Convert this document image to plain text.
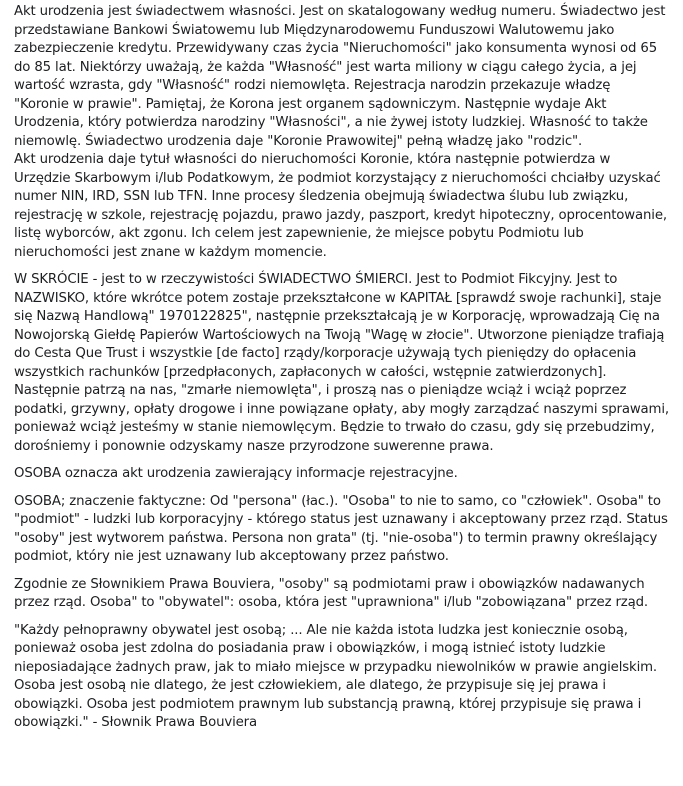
Akt urodzenia jest świadectwem własności. Jest on skatalogowany według numeru. Świadectwo jest przedstawiane Bankowi Światowemu lub Międzynarodowemu Funduszowi Walutowemu jako zabezpieczenie kredytu. Przewidywany czas życia "Nieruchomości" jako konsumenta wynosi od 65 do 85 lat. Niektórzy uważają, że każda "Własność" jest warta miliony w ciągu całego życia, a jej wartość wzrasta, gdy "Własność" rodzi niemowlęta. Rejestracja narodzin przekazuje władzę "Koronie w prawie". Pamiętaj, że Korona jest organem sądowniczym. Następnie wydaje Akt Urodzenia, który potwierdza narodziny "Własności", a nie żywej istoty ludzkiej. Własność to także niemowlę. Świadectwo urodzenia daje "Koronie Prawowitej" pełną władzę jako "rodzic".

Akt urodzenia daje tytuł własności do nieruchomości Koronie, która następnie potwierdza w Urzędzie Skarbowym i/lub Podatkowym, że podmiot korzystający z nieruchomości chciałby uzyskać numer NIN, IRD, SSN lub TFN. Inne procesy śledzenia obejmują świadectwa ślubu lub związku, rejestrację w szkole, rejestrację pojazdu, prawo jazdy, paszport, kredyt hipoteczny, oprocentowanie, listę wyborców, akt zgonu. Ich celem jest zapewnienie, że miejsce pobytu Podmiotu lub nieruchomości jest znane w każdym momencie.

W SKRÓCIE - jest to w rzeczywistości ŚWIADECTWO ŚMIERCI. Jest to Podmiot Fikcyjny. Jest to NAZWISKO, które wkrótce potem zostaje przekształcone w KAPITAŁ [sprawdź swoje rachunki], staje się Nazwą Handlową" 1970122825", następnie przekształcają je w Korporację, wprowadzają Cię na Nowojorską Giełdę Papierów Wartościowych na Twoją "Wagę w złocie". Utworzone pieniądze trafiają do Cesta Que Trust i wszystkie [de facto] rządy/korporacje używają tych pieniędzy do opłacenia wszystkich rachunków [przedpłaconych, zapłaconych w całości, wstępnie zatwierdzonych]. Następnie patrzą na nas, "zmarłe niemowlęta", i proszą nas o pieniądze wciąż i wciąż poprzez podatki, grzywny, opłaty drogowe i inne powiązane opłaty, aby mogły zarządzać naszymi sprawami, ponieważ wciąż jesteśmy w stanie niemowlęcym. Będzie to trwało do czasu, gdy się przebudzimy, dorośniemy i ponownie odzyskamy nasze przyrodzone suwerenne prawa.

OSOBA oznacza akt urodzenia zawierający informacje rejestracyjne.

OSOBA; znaczenie faktyczne: Od "persona" (łac.). "Osoba" to nie to samo, co "człowiek". Osoba" to "podmiot" - ludzki lub korporacyjny - którego status jest uznawany i akceptowany przez rząd. Status "osoby" jest wytworem państwa. Persona non grata" (tj. "nie-osoba") to termin prawny określający podmiot, który nie jest uznawany lub akceptowany przez państwo.

Zgodnie ze Słownikiem Prawa Bouviera, "osoby" są podmiotami praw i obowiązków nadawanych przez rząd. Osoba" to "obywatel": osoba, która jest "uprawniona" i/lub "zobowiązana" przez rząd.

"Każdy pełnoprawny obywatel jest osobą; ... Ale nie każda istota ludzka jest koniecznie osobą, ponieważ osoba jest zdolna do posiadania praw i obowiązków, i mogą istnieć istoty ludzkie nieposiadające żadnych praw, jak to miało miejsce w przypadku niewolników w prawie angielskim. Osoba jest osobą nie dlatego, że jest człowiekiem, ale dlatego, że przypisuje się jej prawa i obowiązki. Osoba jest podmiotem prawnym lub substancją prawną, której przypisuje się prawa i obowiązki." - Słownik Prawa Bouviera
